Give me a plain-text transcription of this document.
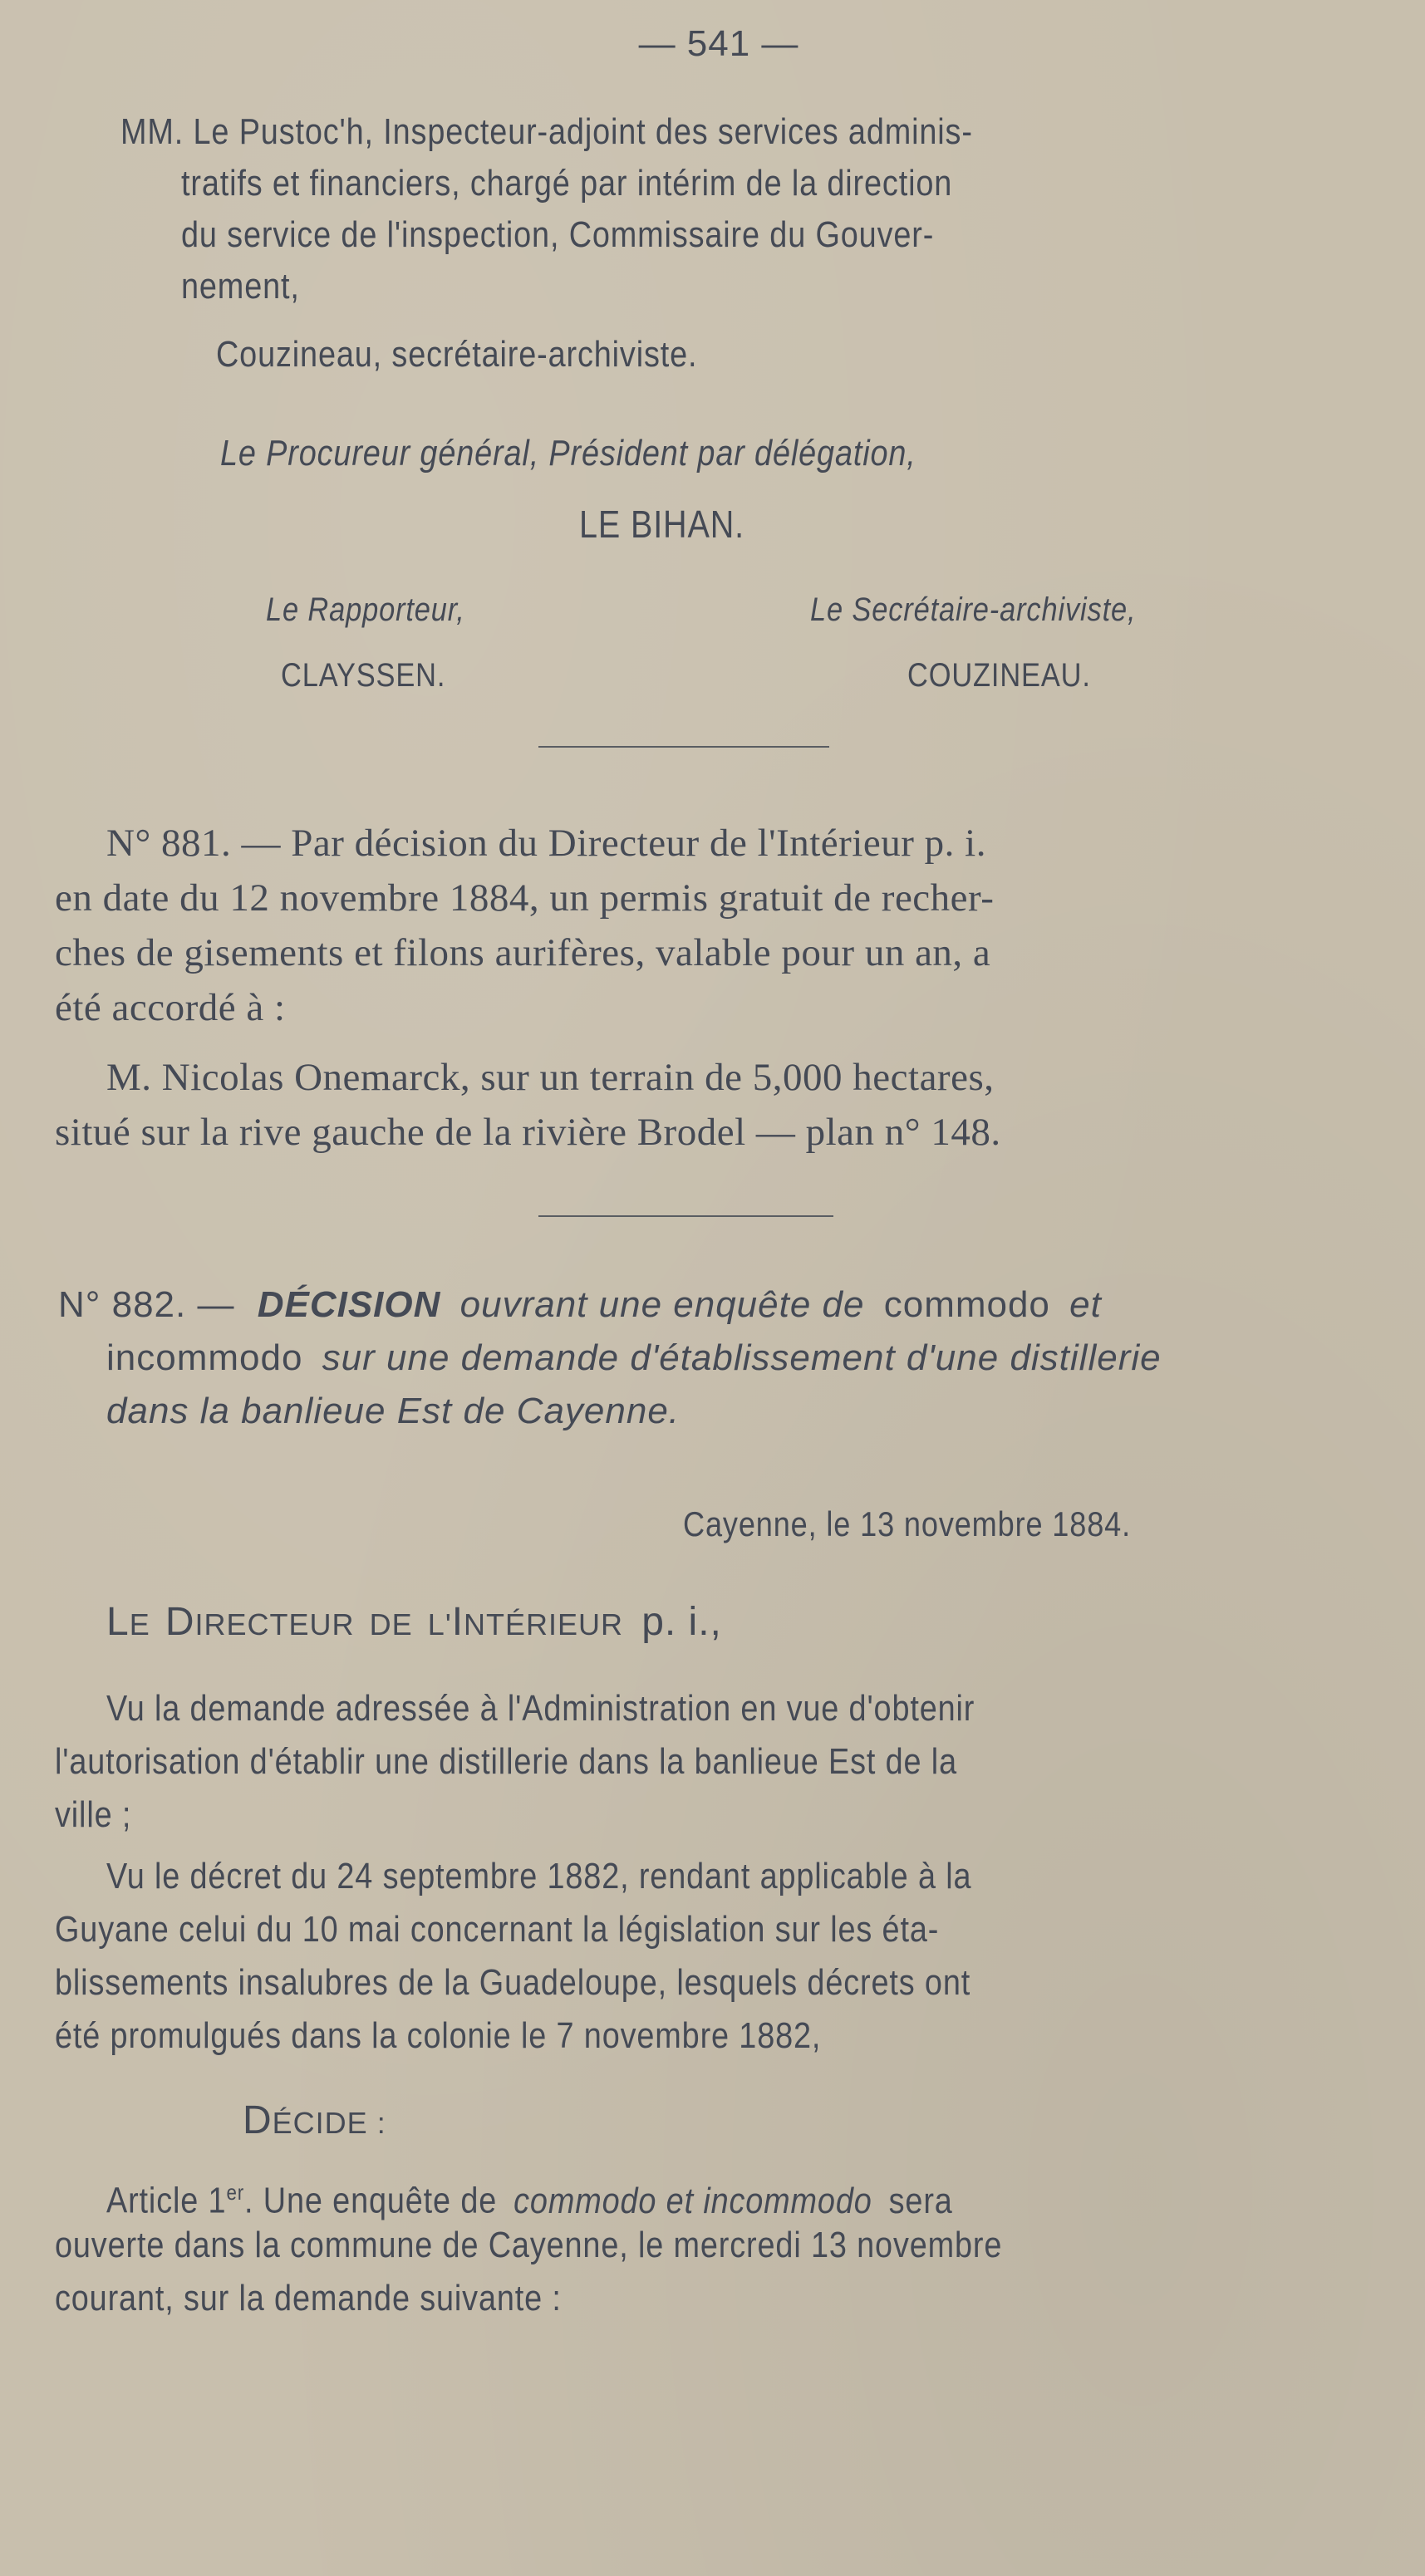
— 541 —
MM. Le Pustoc'h, Inspecteur-adjoint des services adminis-
tratifs et financiers, chargé par intérim de la direction
du service de l'inspection, Commissaire du Gouver-
nement,
Couzineau, secrétaire-archiviste.
Le Procureur général, Président par délégation,
LE BIHAN.
Le Rapporteur,
CLAYSSEN.
Le Secrétaire-archiviste,
COUZINEAU.
N° 881. — Par décision du Directeur de l'Intérieur p. i.
en date du 12 novembre 1884, un permis gratuit de recher-
ches de gisements et filons aurifères, valable pour un an, a
été accordé à :
M. Nicolas Onemarck, sur un terrain de 5,000 hectares,
situé sur la rive gauche de la rivière Brodel — plan n° 148.
N° 882. — DÉCISION ouvrant une enquête de commodo et
incommodo sur une demande d'établissement d'une distillerie
dans la banlieue Est de Cayenne.
Cayenne, le 13 novembre 1884.
LE DIRECTEUR DE L'INTÉRIEUR p. i.,
Vu la demande adressée à l'Administration en vue d'obtenir
l'autorisation d'établir une distillerie dans la banlieue Est de la
ville ;
Vu le décret du 24 septembre 1882, rendant applicable à la
Guyane celui du 10 mai concernant la législation sur les éta-
blissements insalubres de la Guadeloupe, lesquels décrets ont
été promulgués dans la colonie le 7 novembre 1882,
DÉCIDE :
Article 1er. Une enquête de commodo et incommodo sera
ouverte dans la commune de Cayenne, le mercredi 13 novembre
courant, sur la demande suivante :
